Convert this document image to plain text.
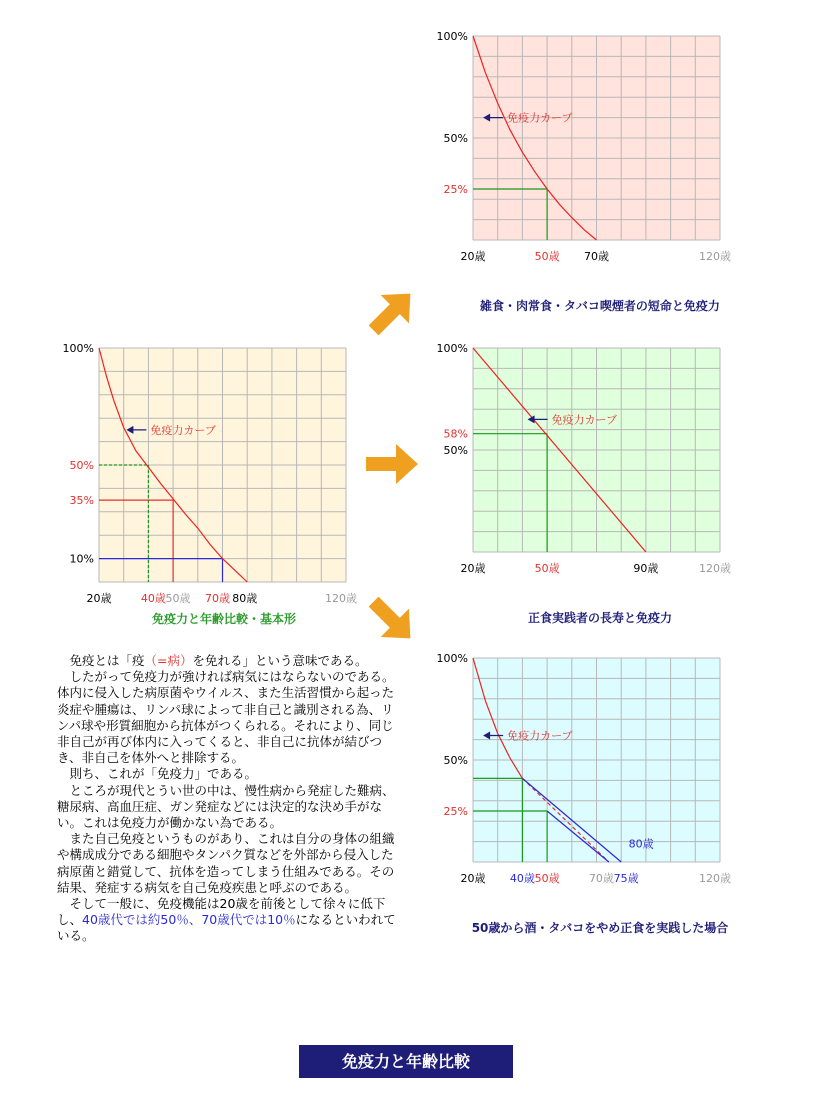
免疫力カーブ
100%
50%
35%
10%
20歳	40歳 50歳 70歳 80歳	120歳
免疫力カーブ
100%
50%
25%
20歳	50歳 70歳	120歳
免疫力カーブ
100%
58%
50%
20歳	50歳	90歳	120歳
免疫力カーブ
100%
50%
25%
20歳 40歳 50歳	70歳 75歳	120歳
80歳
免疫力と年齢比較・基本形
雑食・肉常食・タバコ喫煙者の短命と免疫力
正食実践者の長寿と免疫力
50歳から酒・タバコをやめ正食を実践した場合

免疫とは「疫（=病）を免れる」という意味である。

したがって免疫力が強ければ病気にはならないのである。体内に侵入した病原菌やウイルス、また生活習慣から起った炎症や腫瘍は、リンパ球によって非自己と識別される為、リンパ球や形質細胞から抗体がつくられる。それにより、同じ非自己が再び体内に入ってくると、非自己に抗体が結びつき、非自己を体外へと排除する。

則ち、これが「免疫力」である。

ところが現代とうい世の中は、慢性病から発症した難病、糖尿病、高血圧症、ガン発症などには決定的な決め手がない。これは免疫力が働かない為である。

また自己免疫というものがあり、これは自分の身体の組織や構成成分である細胞やタンパク質などを外部から侵入した病原菌と錯覚して、抗体を造ってしまう仕組みである。その結果、発症する病気を自己免疫疾患と呼ぶのである。

そして一般に、免疫機能は20歳を前後として徐々に低下し、40歳代では約50％、70歳代では10％になるといわれている。

免疫力と年齢比較
